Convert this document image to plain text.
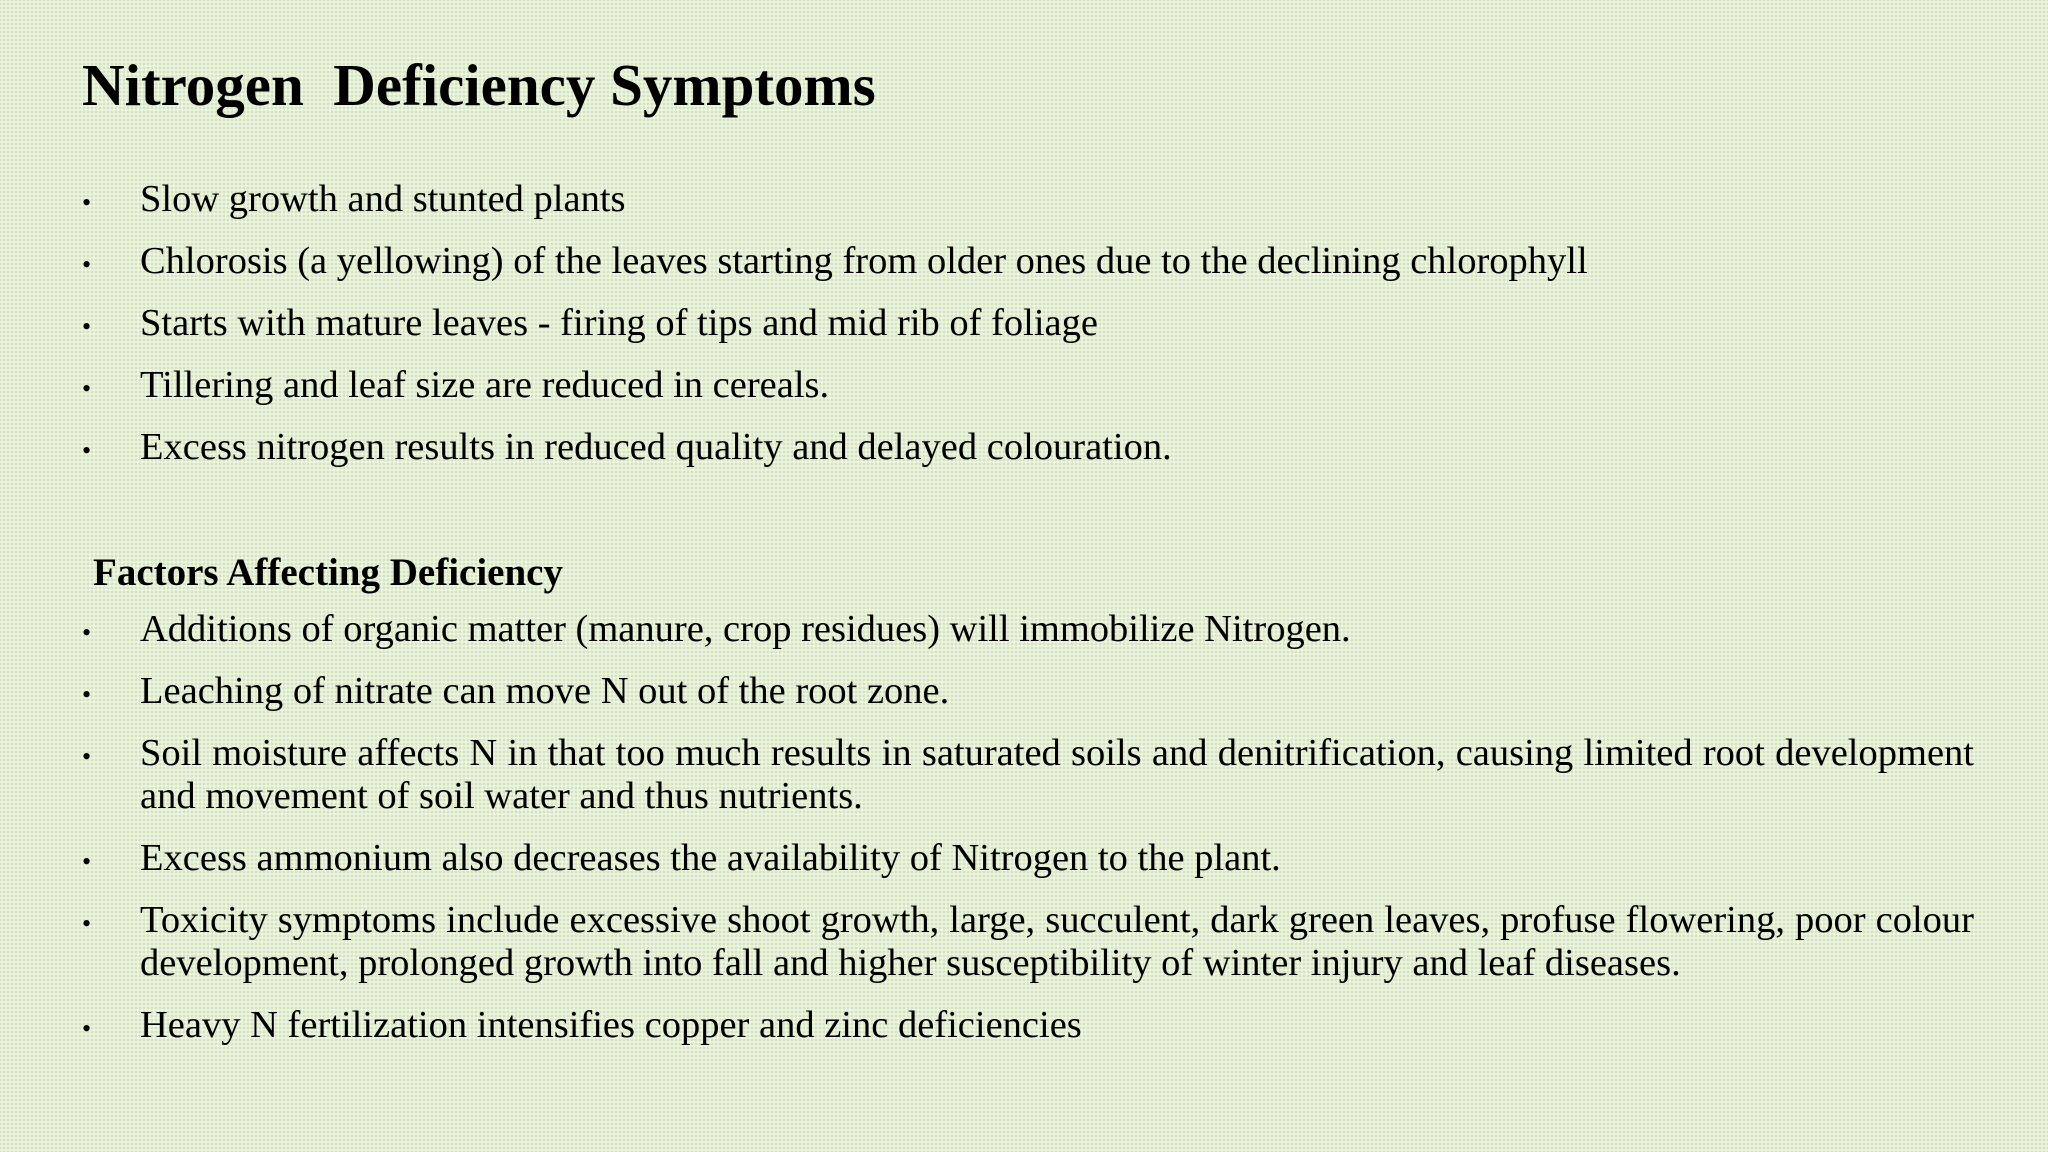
Nitrogen  Deficiency Symptoms
• Slow growth and stunted plants
• Chlorosis (a yellowing) of the leaves starting from older ones due to the declining chlorophyll
• Starts with mature leaves - firing of tips and mid rib of foliage
• Tillering and leaf size are reduced in cereals.
• Excess nitrogen results in reduced quality and delayed colouration.
Factors Affecting Deficiency
• Additions of organic matter (manure, crop residues) will immobilize Nitrogen.
• Leaching of nitrate can move N out of the root zone.
• Soil moisture affects N in that too much results in saturated soils and denitrification, causing limited root development and movement of soil water and thus nutrients.
• Excess ammonium also decreases the availability of Nitrogen to the plant.
• Toxicity symptoms include excessive shoot growth, large, succulent, dark green leaves, profuse flowering, poor colour development, prolonged growth into fall and higher susceptibility of winter injury and leaf diseases.
• Heavy N fertilization intensifies copper and zinc deficiencies
